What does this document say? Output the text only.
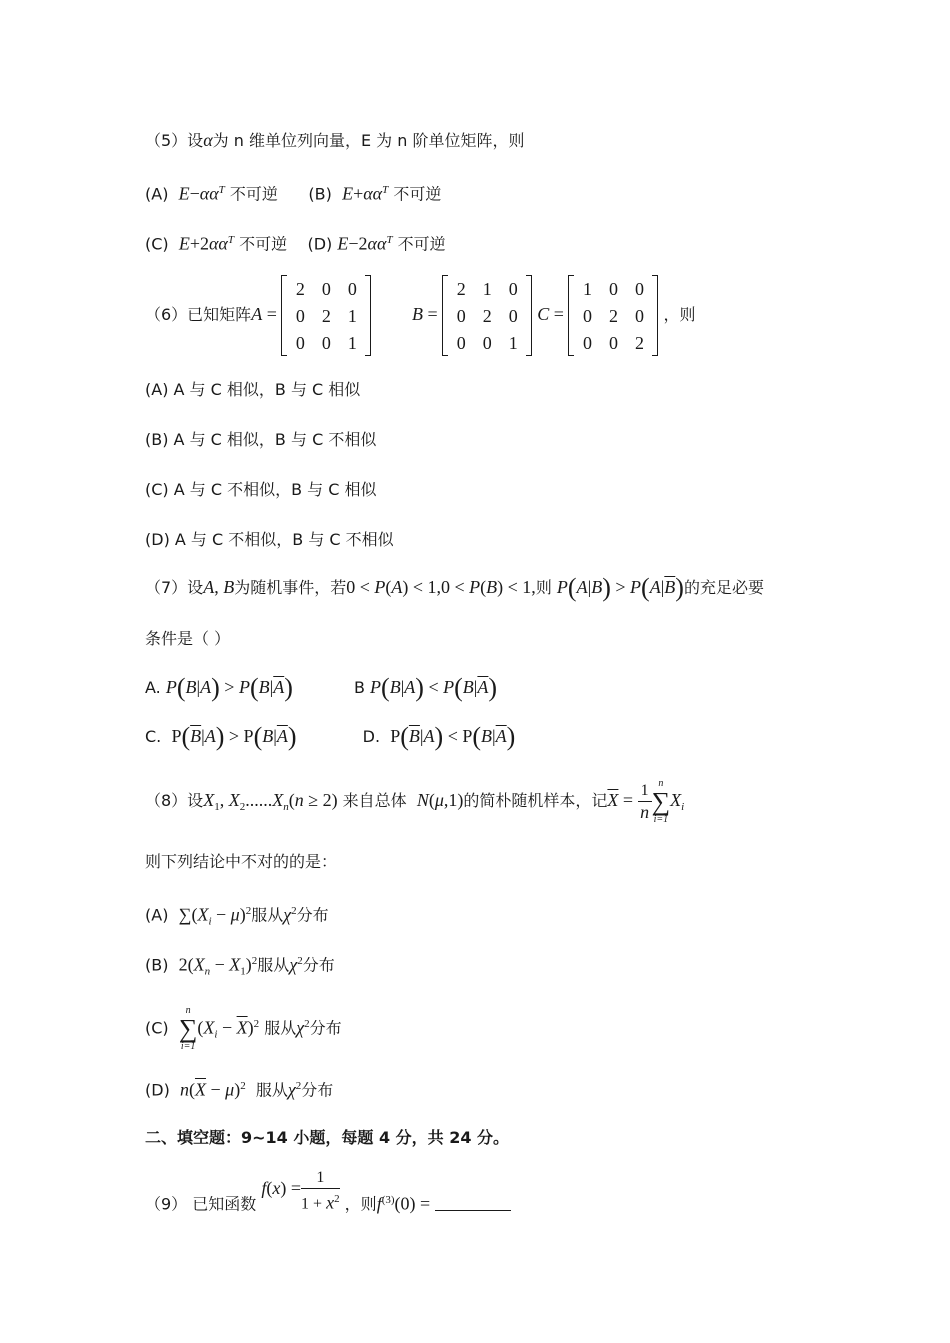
（5）设α为 n 维单位列向量，E 为 n 阶单位矩阵，则
(A) $E-\alpha\alpha^T$ 不可逆 (B) $E+\alpha\alpha^T$ 不可逆
(C) $E+2\alpha\alpha^T$ 不可逆 (D) $E-2\alpha\alpha^T$ 不可逆
（6）已知矩阵A =
2 0 0
0 2 1
0 0 1
B =
2 1 0
0 2 0
0 0 1
C =
1 0 0
0 2 0
0 0 2
，则
(A) A 与 C 相似，B 与 C 相似
(B) A 与 C 相似，B 与 C 不相似
(C) A 与 C 不相似，B 与 C 相似
(D) A 与 C 不相似，B 与 C 不相似
（7）设A, B为随机事件，若0 < P(A) < 1,0 < P(B) < 1,则 $P(A|B) > P(A|\overline{B})$的充足必要
条件是（ ）
A. $P(B|A) > P(B|\overline{A})$	B $P(B|A) < P(B|\overline{A})$
C. $P(\overline{B}|A) > P(B|\overline{A})$	D. $P(\overline{B}|A) < P(B|\overline{A})$
（8）设$X_1$, $X_2......X_n(n \ge 2)$ 来自总体 N(μ,1)的简朴随机样本，记$\overline{X} = \frac{1}{n}$ n
∑
i=1
$X_i$
则下列结论中不对的的是：
(A) $\sum(X_i - \mu)^2$服从$\chi^2$分布
(B) $2(X_n - X_1)^2$服从$\chi^2$分布
(C)
n
∑
i=1
$(X_i - \overline{X})^2$ 服从$\chi^2$分布
(D) $n(\overline{X} - \mu)^2$ 服从$\chi^2$分布
二、填空题：9~14 小题，每题 4 分，共 24 分。
（9） 已知函数 $f(x) = \frac{1}{1 + x^2}$ ，则$f^{(3)}(0)$ =
